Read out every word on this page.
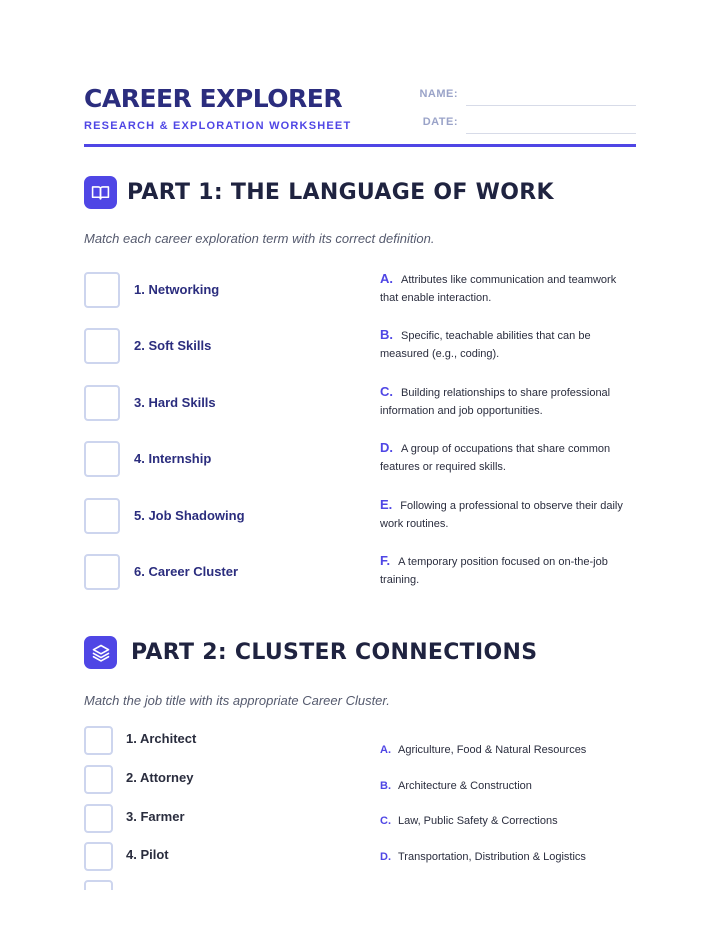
CAREER EXPLORER
RESEARCH & EXPLORATION WORKSHEET
NAME:
DATE:
PART 1: THE LANGUAGE OF WORK
Match each career exploration term with its correct definition.
1. Networking
A. Attributes like communication and teamwork that enable interaction.
2. Soft Skills
B. Specific, teachable abilities that can be measured (e.g., coding).
3. Hard Skills
C. Building relationships to share professional information and job opportunities.
4. Internship
D. A group of occupations that share common features or required skills.
5. Job Shadowing
E. Following a professional to observe their daily work routines.
6. Career Cluster
F. A temporary position focused on on-the-job training.
PART 2: CLUSTER CONNECTIONS
Match the job title with its appropriate Career Cluster.
1. Architect
2. Attorney
3. Farmer
4. Pilot
A. Agriculture, Food & Natural Resources
B. Architecture & Construction
C. Law, Public Safety & Corrections
D. Transportation, Distribution & Logistics
